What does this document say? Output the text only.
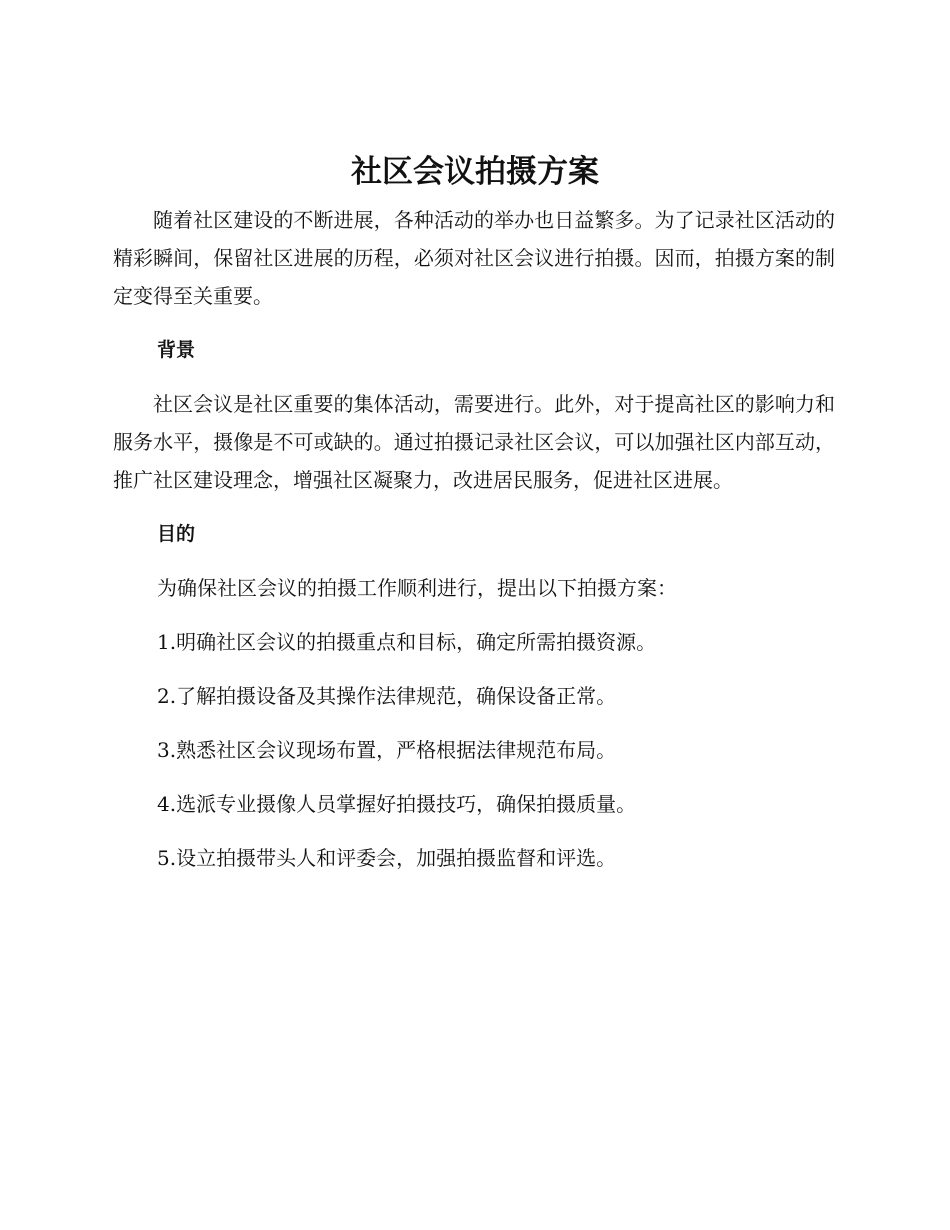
社区会议拍摄方案

随着社区建设的不断进展，各种活动的举办也日益繁多。为了记录社区活动的精彩瞬间，保留社区进展的历程，必须对社区会议进行拍摄。因而，拍摄方案的制定变得至关重要。

背景

社区会议是社区重要的集体活动，需要进行。此外，对于提高社区的影响力和服务水平，摄像是不可或缺的。通过拍摄记录社区会议，可以加强社区内部互动，推广社区建设理念，增强社区凝聚力，改进居民服务，促进社区进展。

目的

为确保社区会议的拍摄工作顺利进行，提出以下拍摄方案：

1.明确社区会议的拍摄重点和目标，确定所需拍摄资源。

2.了解拍摄设备及其操作法律规范，确保设备正常。

3.熟悉社区会议现场布置，严格根据法律规范布局。

4.选派专业摄像人员掌握好拍摄技巧，确保拍摄质量。

5.设立拍摄带头人和评委会，加强拍摄监督和评选。
